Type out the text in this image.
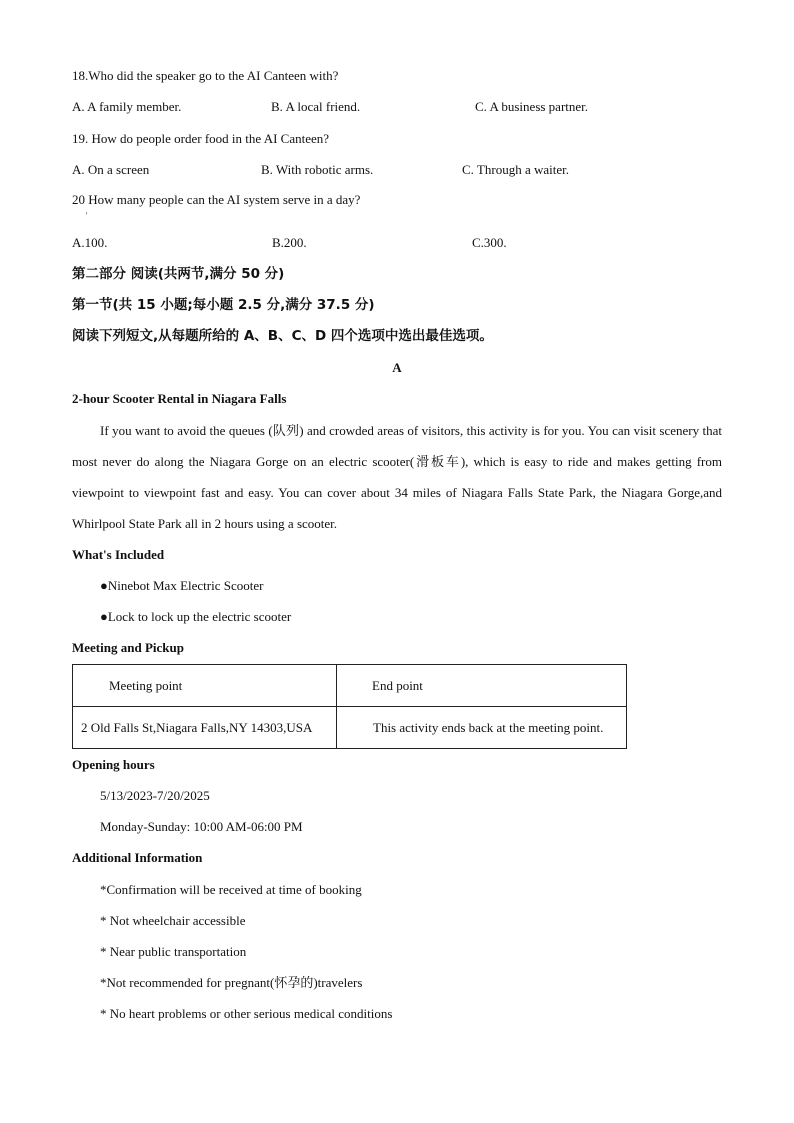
18.Who did the speaker go to the AI Canteen with?
A. A family member.	B. A local friend.	C. A business partner.
19. How do people order food in the AI Canteen?
A. On a screen	B. With robotic arms.	C. Through a waiter.
20 How many people can the AI system serve in a day?
'
A.100.	B.200.	C.300.
第二部分 阅读(共两节,满分 50 分)
第一节(共 15 小题;每小题 2.5 分,满分 37.5 分)
阅读下列短文,从每题所给的 A、B、C、D 四个选项中选出最佳选项。
A
2-hour Scooter Rental in Niagara Falls
If you want to avoid the queues (队列) and crowded areas of visitors, this activity is for you. You can visit scenery that most never do along the Niagara Gorge on an electric scooter(滑板车), which is easy to ride and makes getting from viewpoint to viewpoint fast and easy. You can cover about 34 miles of Niagara Falls State Park, the Niagara Gorge,and Whirlpool State Park all in 2 hours using a scooter.
What's Included
●Ninebot Max Electric Scooter
●Lock to lock up the electric scooter
Meeting and Pickup
Meeting point	End point
2 Old Falls St,Niagara Falls,NY 14303,USA	This activity ends back at the meeting point.
Opening hours
5/13/2023-7/20/2025
Monday-Sunday: 10:00 AM-06:00 PM
Additional Information
*Confirmation will be received at time of booking
* Not wheelchair accessible
* Near public transportation
*Not recommended for pregnant(怀孕的)travelers
* No heart problems or other serious medical conditions
